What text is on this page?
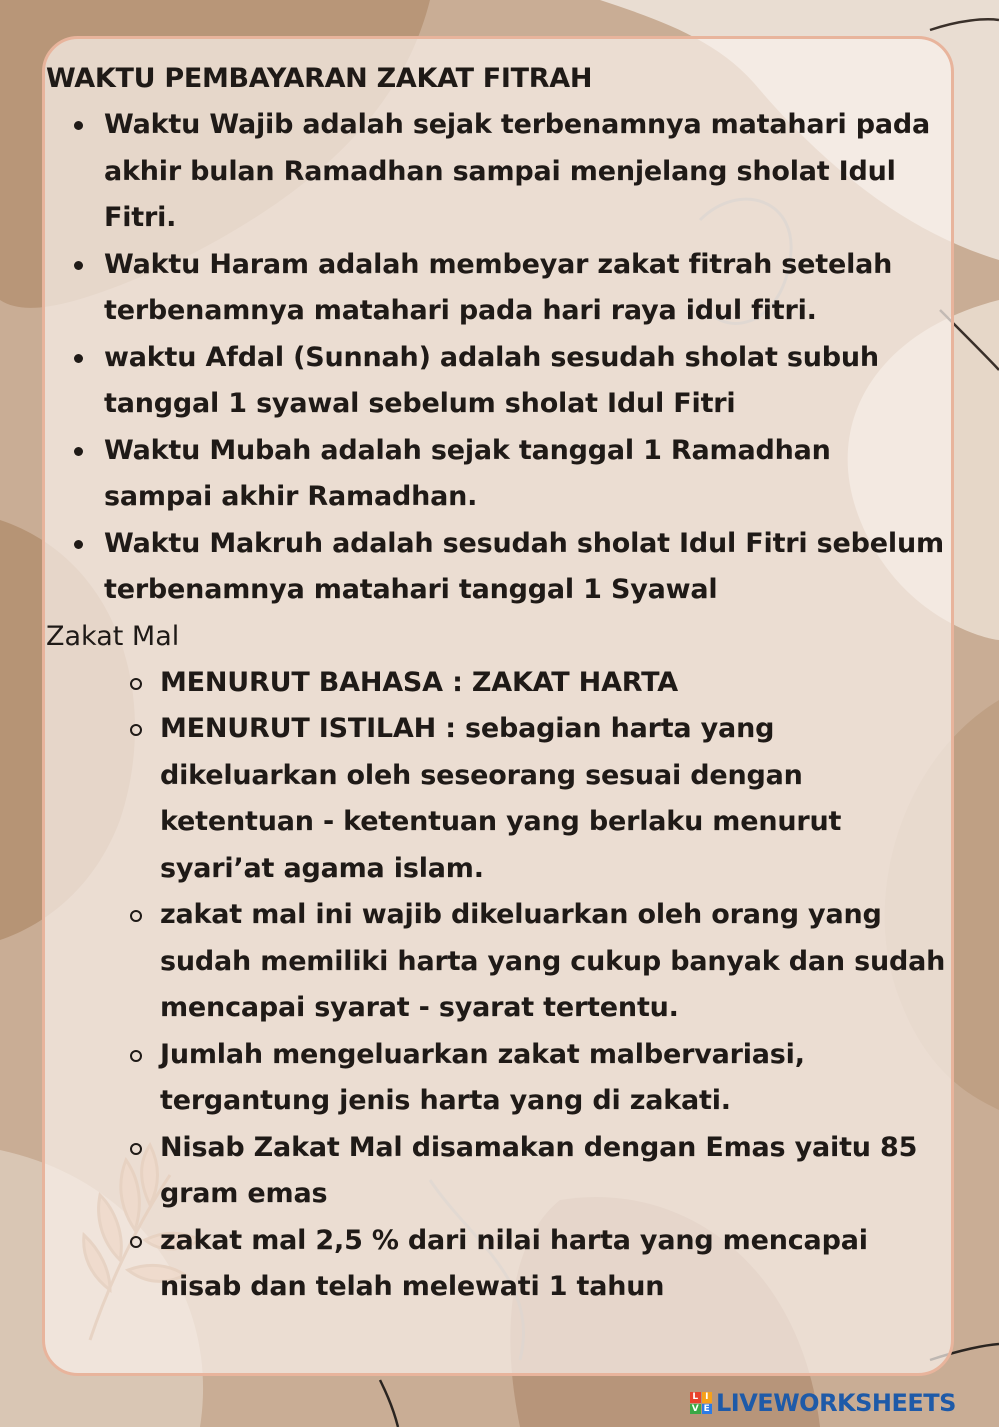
WAKTU PEMBAYARAN ZAKAT FITRAH
Waktu Wajib adalah sejak terbenamnya matahari pada akhir bulan Ramadhan sampai menjelang sholat Idul Fitri.
Waktu Haram adalah membeyar zakat fitrah setelah terbenamnya matahari pada hari raya idul fitri.
waktu Afdal (Sunnah) adalah sesudah sholat subuh tanggal 1 syawal sebelum sholat Idul Fitri
Waktu Mubah adalah sejak tanggal 1 Ramadhan sampai akhir Ramadhan.
Waktu Makruh adalah sesudah sholat Idul Fitri sebelum terbenamnya matahari tanggal 1 Syawal
Zakat Mal
MENURUT BAHASA : ZAKAT HARTA
MENURUT ISTILAH : sebagian harta yang dikeluarkan oleh seseorang sesuai dengan ketentuan - ketentuan yang berlaku menurut syari’at agama islam.
zakat mal ini wajib dikeluarkan oleh orang yang sudah memiliki harta yang cukup banyak dan sudah mencapai syarat - syarat tertentu.
Jumlah mengeluarkan zakat malbervariasi, tergantung jenis harta yang di zakati.
Nisab Zakat Mal disamakan dengan Emas yaitu 85 gram emas
zakat mal 2,5 % dari nilai harta yang mencapai nisab dan telah melewati 1 tahun
L I
V E LIVEWORKSHEETS
